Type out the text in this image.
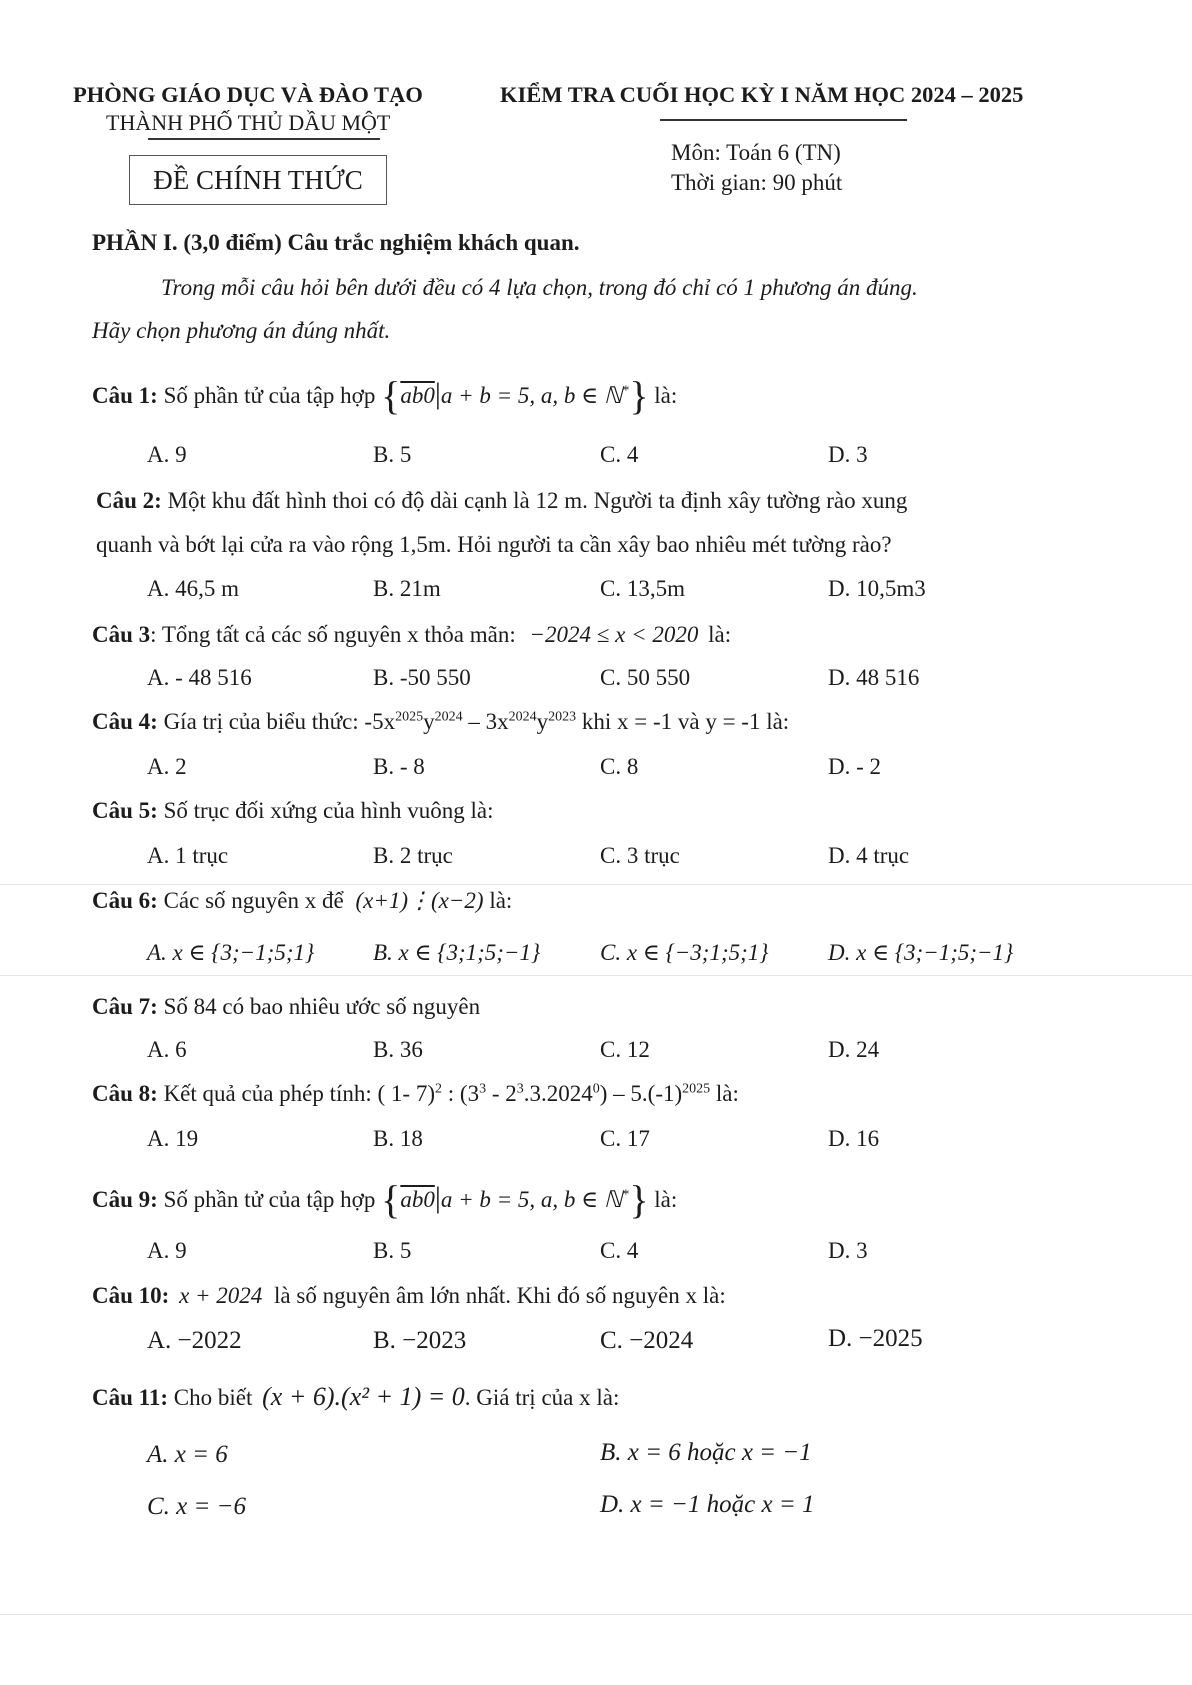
PHÒNG GIÁO DỤC VÀ ĐÀO TẠO
THÀNH PHỐ THỦ DẦU MỘT
KIỂM TRA CUỐI HỌC KỲ I NĂM HỌC 2024 – 2025
ĐỀ CHÍNH THỨC
Môn: Toán 6 (TN)
Thời gian: 90 phút
PHẦN I. (3,0 điểm) Câu trắc nghiệm khách quan.
Trong mỗi câu hỏi bên dưới đều có 4 lựa chọn, trong đó chỉ có 1 phương án đúng.
Hãy chọn phương án đúng nhất.
Câu 1: Số phần tử của tập hợp {ab0|a + b = 5, a, b ∈ ℕ*} là:
A. 9	B. 5	C. 4	D. 3
Câu 2: Một khu đất hình thoi có độ dài cạnh là 12 m. Người ta định xây tường rào xung
quanh và bớt lại cửa ra vào rộng 1,5m. Hỏi người ta cần xây bao nhiêu mét tường rào?
A. 46,5 m	B. 21m	C. 13,5m	D. 10,5m3
Câu 3: Tổng tất cả các số nguyên x thỏa mãn: −2024 ≤ x < 2020 là:
A. - 48 516	B. -50 550	C. 50 550	D. 48 516
Câu 4: Gía trị của biểu thức: $-5x^{2025}y^{2024} - 3x^{2024}y^{2023}$ khi x = -1 và y = -1 là:
A. 2	B. - 8	C. 8	D. - 2
Câu 5: Số trục đối xứng của hình vuông là:
A. 1 trục	B. 2 trục	C. 3 trục	D. 4 trục
Câu 6: Các số nguyên x để (x+1)⋮(x−2) là:
A. x ∈ {3;−1;5;1}	B. x ∈ {3;1;5;−1}	C. x ∈ {−3;1;5;1}	D. x ∈ {3;−1;5;−1}
Câu 7: Số 84 có bao nhiêu ước số nguyên
A. 6	B. 36	C. 12	D. 24
Câu 8: Kết quả của phép tính: ( 1- 7)$^2$ : $(3^3 - 2^3.3.2024^0) - 5.(-1)^{2025}$ là:
A. 19	B. 18	C. 17	D. 16
Câu 9: Số phần tử của tập hợp {ab0|a + b = 5, a, b ∈ ℕ*} là:
A. 9	B. 5	C. 4	D. 3
Câu 10: x + 2024 là số nguyên âm lớn nhất. Khi đó số nguyên x là:
A. −2022	B. −2023	C. −2024	D. −2025
Câu 11: Cho biết (x + 6).(x² + 1) = 0. Giá trị của x là:
A. x = 6	B. x = 6 hoặc x = −1
C. x = −6	D. x = −1 hoặc x = 1
